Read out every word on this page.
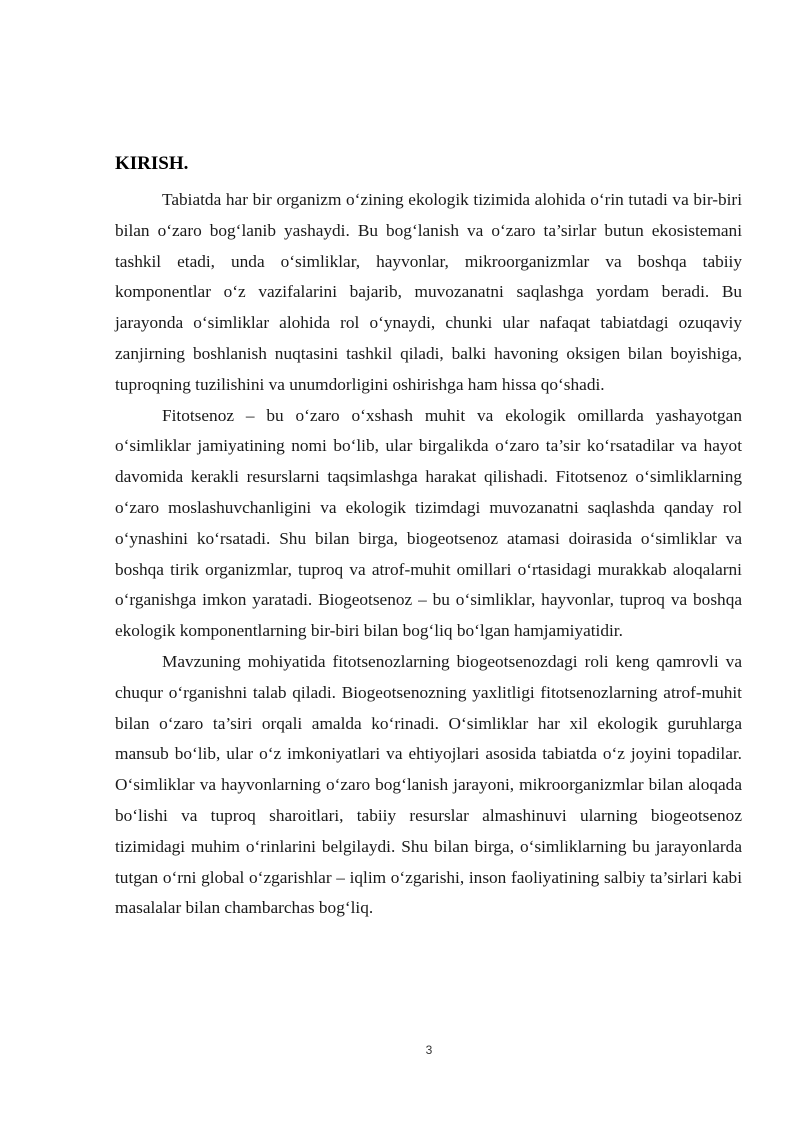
KIRISH.

Tabiatda har bir organizm o‘zining ekologik tizimida alohida o‘rin tutadi va bir-biri bilan o‘zaro bog‘lanib yashaydi. Bu bog‘lanish va o‘zaro ta’sirlar butun ekosistemani tashkil etadi, unda o‘simliklar, hayvonlar, mikroorganizmlar va boshqa tabiiy komponentlar o‘z vazifalarini bajarib, muvozanatni saqlashga yordam beradi. Bu jarayonda o‘simliklar alohida rol o‘ynaydi, chunki ular nafaqat tabiatdagi ozuqaviy zanjirning boshlanish nuqtasini tashkil qiladi, balki havoning oksigen bilan boyishiga, tuproqning tuzilishini va unumdorligini oshirishga ham hissa qo‘shadi.

Fitotsenoz – bu o‘zaro o‘xshash muhit va ekologik omillarda yashayotgan o‘simliklar jamiyatining nomi bo‘lib, ular birgalikda o‘zaro ta’sir ko‘rsatadilar va hayot davomida kerakli resurslarni taqsimlashga harakat qilishadi. Fitotsenoz o‘simliklarning o‘zaro moslashuvchanligini va ekologik tizimdagi muvozanatni saqlashda qanday rol o‘ynashini ko‘rsatadi. Shu bilan birga, biogeotsenoz atamasi doirasida o‘simliklar va boshqa tirik organizmlar, tuproq va atrof-muhit omillari o‘rtasidagi murakkab aloqalarni o‘rganishga imkon yaratadi. Biogeotsenoz – bu o‘simliklar, hayvonlar, tuproq va boshqa ekologik komponentlarning bir-biri bilan bog‘liq bo‘lgan hamjamiyatidir.

Mavzuning mohiyatida fitotsenozlarning biogeotsenozdagi roli keng qamrovli va chuqur o‘rganishni talab qiladi. Biogeotsenozning yaxlitligi fitotsenozlarning atrof-muhit bilan o‘zaro ta’siri orqali amalda ko‘rinadi. O‘simliklar har xil ekologik guruhlarga mansub bo‘lib, ular o‘z imkoniyatlari va ehtiyojlari asosida tabiatda o‘z joyini topadilar. O‘simliklar va hayvonlarning o‘zaro bog‘lanish jarayoni, mikroorganizmlar bilan aloqada bo‘lishi va tuproq sharoitlari, tabiiy resurslar almashinuvi ularning biogeotsenoz tizimidagi muhim o‘rinlarini belgilaydi. Shu bilan birga, o‘simliklarning bu jarayonlarda tutgan o‘rni global o‘zgarishlar – iqlim o‘zgarishi, inson faoliyatining salbiy ta’sirlari kabi masalalar bilan chambarchas bog‘liq.

3
